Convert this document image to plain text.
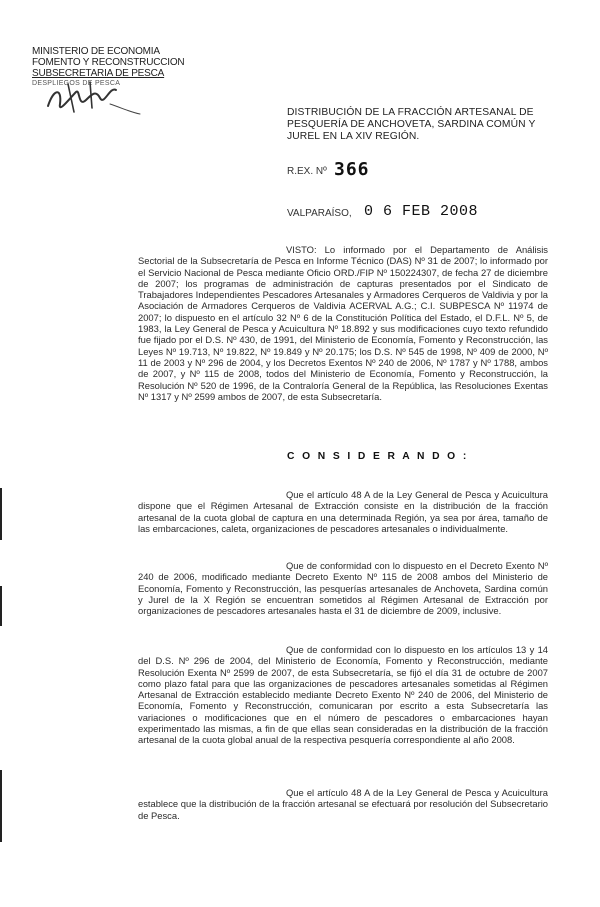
MINISTERIO DE ECONOMIA
FOMENTO Y RECONSTRUCCION
SUBSECRETARIA DE PESCA
DESPLIEGOS DE PESCA
DISTRIBUCIÓN DE LA FRACCIÓN ARTESANAL DE PESQUERÍA DE ANCHOVETA, SARDINA COMÚN Y JUREL EN LA XIV REGIÓN.
R.EX. Nº 366
VALPARAÍSO, 0 6 FEB 2008

VISTO: Lo informado por el Departamento de Análisis Sectorial de la Subsecretaría de Pesca en Informe Técnico (DAS) Nº 31 de 2007; lo informado por el Servicio Nacional de Pesca mediante Oficio ORD./FIP Nº 150224307, de fecha 27 de diciembre de 2007; los programas de administración de capturas presentados por el Sindicato de Trabajadores Independientes Pescadores Artesanales y Armadores Cerqueros de Valdivia y por la Asociación de Armadores Cerqueros de Valdivia ACERVAL A.G.; C.I. SUBPESCA Nº 11974 de 2007; lo dispuesto en el artículo 32 Nº 6 de la Constitución Política del Estado, el D.F.L. Nº 5, de 1983, la Ley General de Pesca y Acuicultura Nº 18.892 y sus modificaciones cuyo texto refundido fue fijado por el D.S. Nº 430, de 1991, del Ministerio de Economía, Fomento y Reconstrucción, las Leyes Nº 19.713, Nº 19.822, Nº 19.849 y Nº 20.175; los D.S. Nº 545 de 1998, Nº 409 de 2000, Nº 11 de 2003 y Nº 296 de 2004, y los Decretos Exentos Nº 240 de 2006, Nº 1787 y Nº 1788, ambos de 2007, y Nº 115 de 2008, todos del Ministerio de Economía, Fomento y Reconstrucción, la Resolución Nº 520 de 1996, de la Contraloría General de la República, las Resoluciones Exentas Nº 1317 y Nº 2599 ambos de 2007, de esta Subsecretaría.

C O N S I D E R A N D O :

Que el artículo 48 A de la Ley General de Pesca y Acuicultura dispone que el Régimen Artesanal de Extracción consiste en la distribución de la fracción artesanal de la cuota global de captura en una determinada Región, ya sea por área, tamaño de las embarcaciones, caleta, organizaciones de pescadores artesanales o individualmente.

Que de conformidad con lo dispuesto en el Decreto Exento Nº 240 de 2006, modificado mediante Decreto Exento Nº 115 de 2008 ambos del Ministerio de Economía, Fomento y Reconstrucción, las pesquerías artesanales de Anchoveta, Sardina común y Jurel de la X Región se encuentran sometidos al Régimen Artesanal de Extracción por organizaciones de pescadores artesanales hasta el 31 de diciembre de 2009, inclusive.

Que de conformidad con lo dispuesto en los artículos 13 y 14 del D.S. Nº 296 de 2004, del Ministerio de Economía, Fomento y Reconstrucción, mediante Resolución Exenta Nº 2599 de 2007, de esta Subsecretaría, se fijó el día 31 de octubre de 2007 como plazo fatal para que las organizaciones de pescadores artesanales sometidas al Régimen Artesanal de Extracción establecido mediante Decreto Exento Nº 240 de 2006, del Ministerio de Economía, Fomento y Reconstrucción, comunicaran por escrito a esta Subsecretaría las variaciones o modificaciones que en el número de pescadores o embarcaciones hayan experimentado las mismas, a fin de que ellas sean consideradas en la distribución de la fracción artesanal de la cuota global anual de la respectiva pesquería correspondiente al año 2008.

Que el artículo 48 A de la Ley General de Pesca y Acuicultura establece que la distribución de la fracción artesanal se efectuará por resolución del Subsecretario de Pesca.
